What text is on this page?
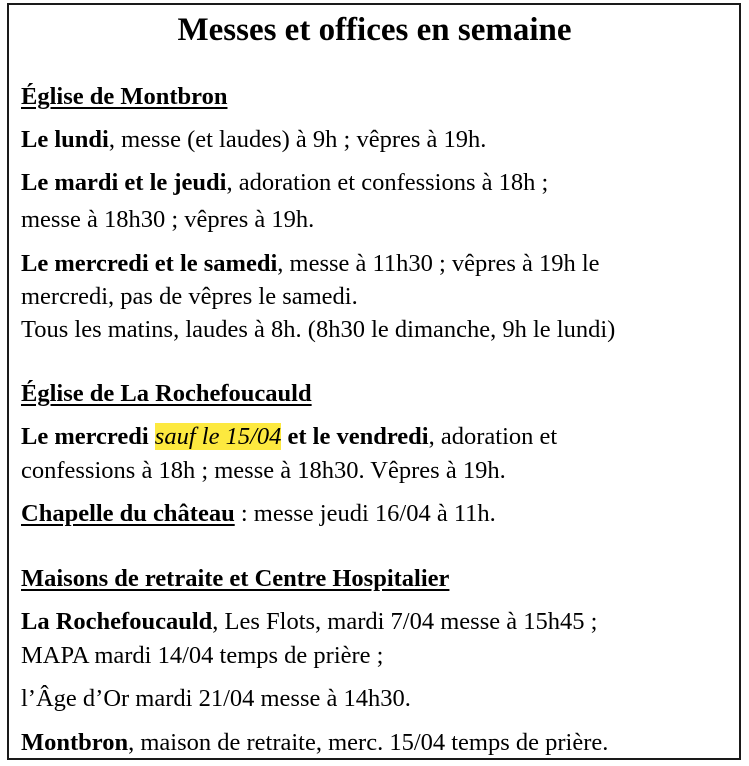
Messes et offices en semaine
Église de Montbron
Le lundi, messe (et laudes) à 9h ; vêpres à 19h.
Le mardi et le jeudi, adoration et confessions à 18h ;
messe à 18h30 ; vêpres à 19h.
Le mercredi et le samedi, messe à 11h30 ; vêpres à 19h le
mercredi, pas de vêpres le samedi.
Tous les matins, laudes à 8h. (8h30 le dimanche, 9h le lundi)
Église de La Rochefoucauld
Le mercredi sauf le 15/04 et le vendredi, adoration et
confessions à 18h ; messe à 18h30. Vêpres à 19h.
Chapelle du château : messe jeudi 16/04 à 11h.
Maisons de retraite et Centre Hospitalier
La Rochefoucauld, Les Flots, mardi 7/04 messe à 15h45 ;
MAPA mardi 14/04 temps de prière ;
l’Âge d’Or mardi 21/04 messe à 14h30.
Montbron, maison de retraite, merc. 15/04 temps de prière.
